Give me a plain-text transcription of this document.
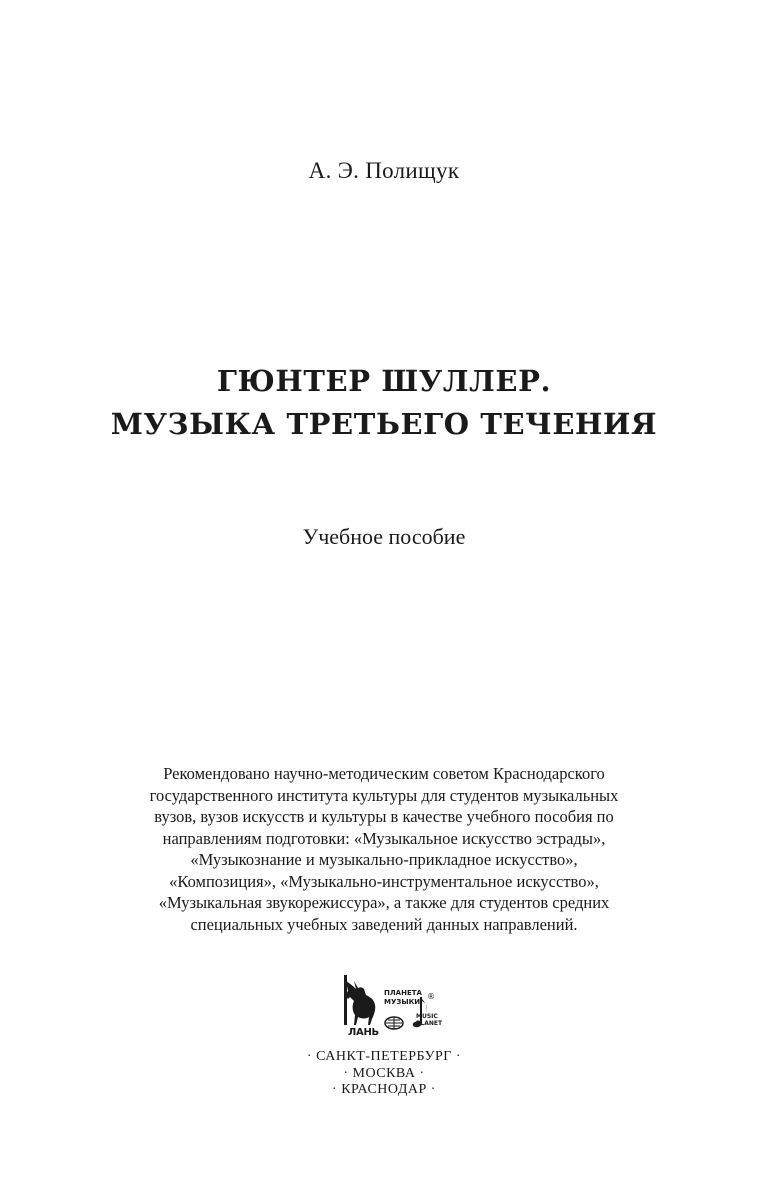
А. Э. Полищук
ГЮНТЕР ШУЛЛЕР.
МУЗЫКА ТРЕТЬЕГО ТЕЧЕНИЯ
Учебное пособие
Рекомендовано научно-методическим советом Краснодарского
государственного института культуры для студентов музыкальных
вузов, вузов искусств и культуры в качестве учебного пособия по
направлениям подготовки: «Музыкальное искусство эстрады»,
«Музыкознание и музыкально-прикладное искусство»,
«Композиция», «Музыкально-инструментальное искусство»,
«Музыкальная звукорежиссура», а также для студентов средних
специальных учебных заведений данных направлений.
ЛАНЬ
ПЛАНЕТА
МУЗЫКИ
®
MUSIC
PLANET
· САНКТ-ПЕТЕРБУРГ ·
· МОСКВА ·
· КРАСНОДАР ·
